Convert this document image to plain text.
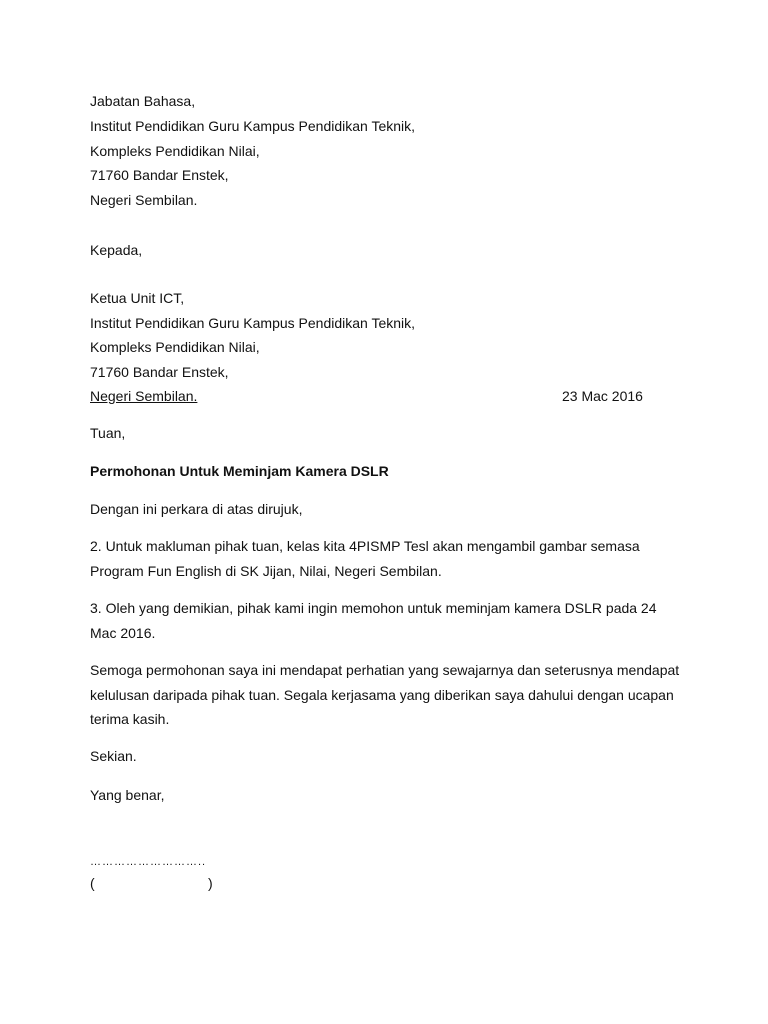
Jabatan Bahasa,
Institut Pendidikan Guru Kampus Pendidikan Teknik,
Kompleks Pendidikan Nilai,
71760 Bandar Enstek,
Negeri Sembilan.
Kepada,
Ketua Unit ICT,
Institut Pendidikan Guru Kampus Pendidikan Teknik,
Kompleks Pendidikan Nilai,
71760 Bandar Enstek,
Negeri Sembilan.	23 Mac 2016
Tuan,
Permohonan Untuk Meminjam Kamera DSLR
Dengan ini perkara di atas dirujuk,
2. Untuk makluman pihak tuan, kelas kita 4PISMP Tesl akan mengambil gambar semasa
Program Fun English di SK Jijan, Nilai, Negeri Sembilan.
3. Oleh yang demikian, pihak kami ingin memohon untuk meminjam kamera DSLR pada 24
Mac 2016.
Semoga permohonan saya ini mendapat perhatian yang sewajarnya dan seterusnya mendapat
kelulusan daripada pihak tuan. Segala kerjasama yang diberikan saya dahului dengan ucapan
terima kasih.
Sekian.
Yang benar,
………………………..
(	)
